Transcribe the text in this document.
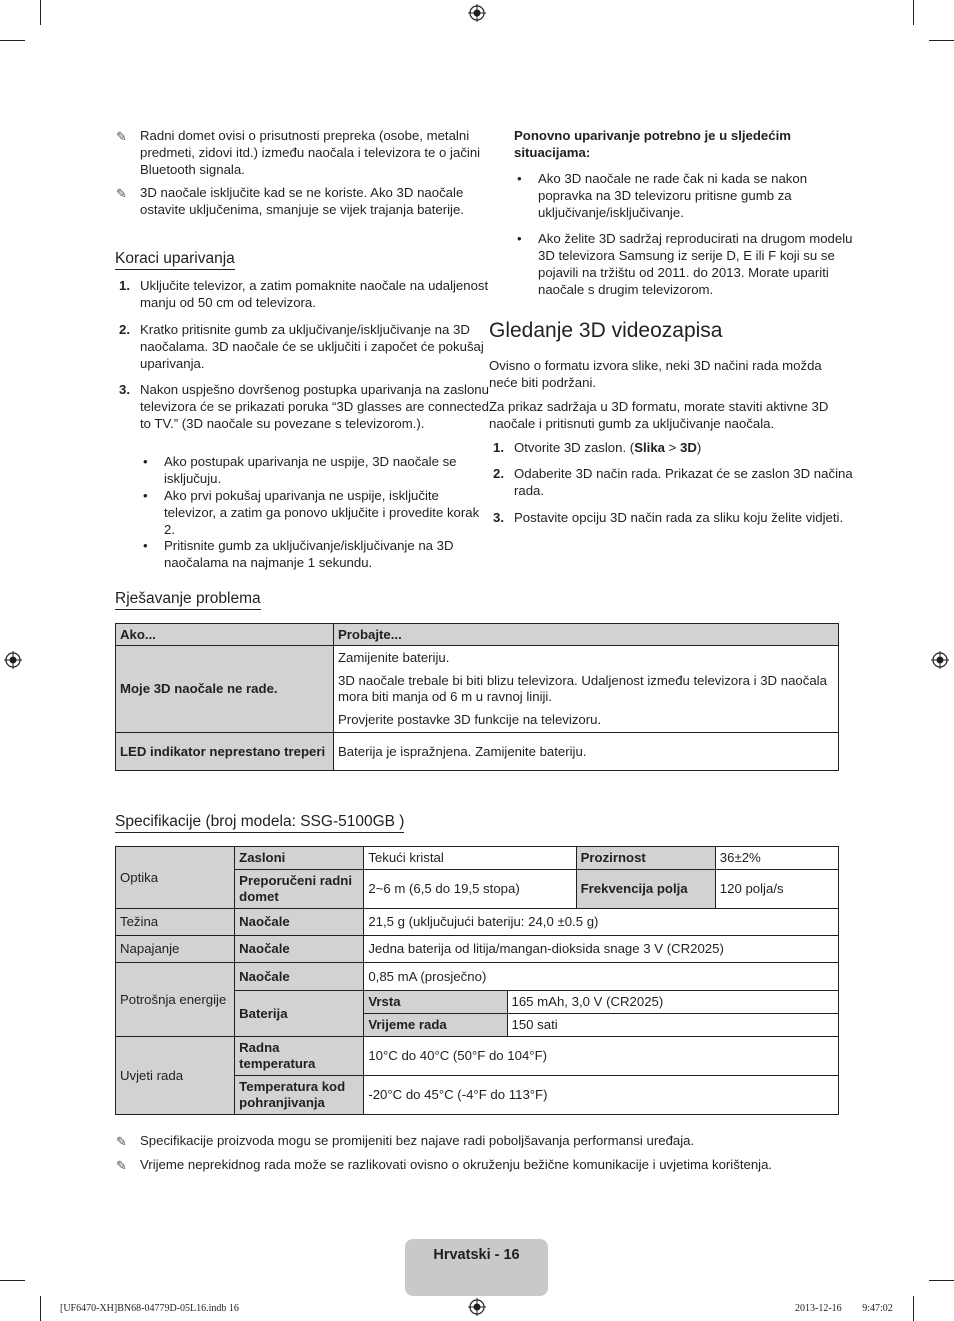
✎ Radni domet ovisi o prisutnosti prepreka (osobe, metalni predmeti, zidovi itd.) između naočala i televizora te o jačini Bluetooth signala.
✎ 3D naočale isključite kad se ne koriste. Ako 3D naočale ostavite uključenima, smanjuje se vijek trajanja baterije.
Koraci uparivanja
1. Uključite televizor, a zatim pomaknite naočale na udaljenost manju od 50 cm od televizora.
2. Kratko pritisnite gumb za uključivanje/isključivanje na 3D naočalama. 3D naočale će se uključiti i započet će pokušaj uparivanja.
3. Nakon uspješno dovršenog postupka uparivanja na zaslonu televizora će se prikazati poruka “3D glasses are connected to TV.” (3D naočale su povezane s televizorom.).
• Ako postupak uparivanja ne uspije, 3D naočale se isključuju.
• Ako prvi pokušaj uparivanja ne uspije, isključite televizor, a zatim ga ponovo uključite i provedite korak 2.
• Pritisnite gumb za uključivanje/isključivanje na 3D naočalama na najmanje 1 sekundu.
Ponovno uparivanje potrebno je u sljedećim situacijama:
• Ako 3D naočale ne rade čak ni kada se nakon popravka na 3D televizoru pritisne gumb za uključivanje/isključivanje.
• Ako želite 3D sadržaj reproducirati na drugom modelu 3D televizora Samsung iz serije D, E ili F koji su se pojavili na tržištu od 2011. do 2013. Morate upariti naočale s drugim televizorom.
Gledanje 3D videozapisa

Ovisno o formatu izvora slike, neki 3D načini rada možda neće biti podržani.

Za prikaz sadržaja u 3D formatu, morate staviti aktivne 3D naočale i pritisnuti gumb za uključivanje naočala.

1. Otvorite 3D zaslon. (Slika > 3D)
2. Odaberite 3D način rada. Prikazat će se zaslon 3D načina rada.
3. Postavite opciju 3D način rada za sliku koju želite vidjeti.
Rješavanje problema
Ako...	Probajte...
Moje 3D naočale ne rade.	Zamijenite bateriju.

3D naočale trebale bi biti blizu televizora. Udaljenost između televizora i 3D naočala mora biti manja od 6 m u ravnoj liniji.

Provjerite postavke 3D funkcije na televizoru.

LED indikator neprestano treperi	Baterija je ispražnjena. Zamijenite bateriju.
Specifikacije (broj modela: SSG-5100GB )
Optika	Zasloni	Tekući kristal		Prozirnost	36±2%
	Preporučeni radni domet	2~6 m (6,5 do 19,5 stopa)		Frekvencija polja	120 polja/s
Težina	Naočale	21,5 g (uključujući bateriju: 24,0 ±0.5 g)			
Napajanje	Naočale	Jedna baterija od litija/mangan-dioksida snage 3 V (CR2025)			
Potrošnja energije	Naočale	0,85 mA (prosječno)			
	Baterija	Vrsta	165 mAh, 3,0 V (CR2025)		
		Vrijeme rada	150 sati		
Uvjeti rada	Radna temperatura	10°C do 40°C (50°F do 104°F)			
	Temperatura kod pohranjivanja	-20°C do 45°C (-4°F do 113°F)			
✎ Specifikacije proizvoda mogu se promijeniti bez najave radi poboljšavanja performansi uređaja.
✎ Vrijeme neprekidnog rada može se razlikovati ovisno o okruženju bežične komunikacije i uvjetima korištenja.
Hrvatski - 16
[UF6470-XH]BN68-04779D-05L16.indb 16	2013-12-16 ￿￿ 9:47:02
